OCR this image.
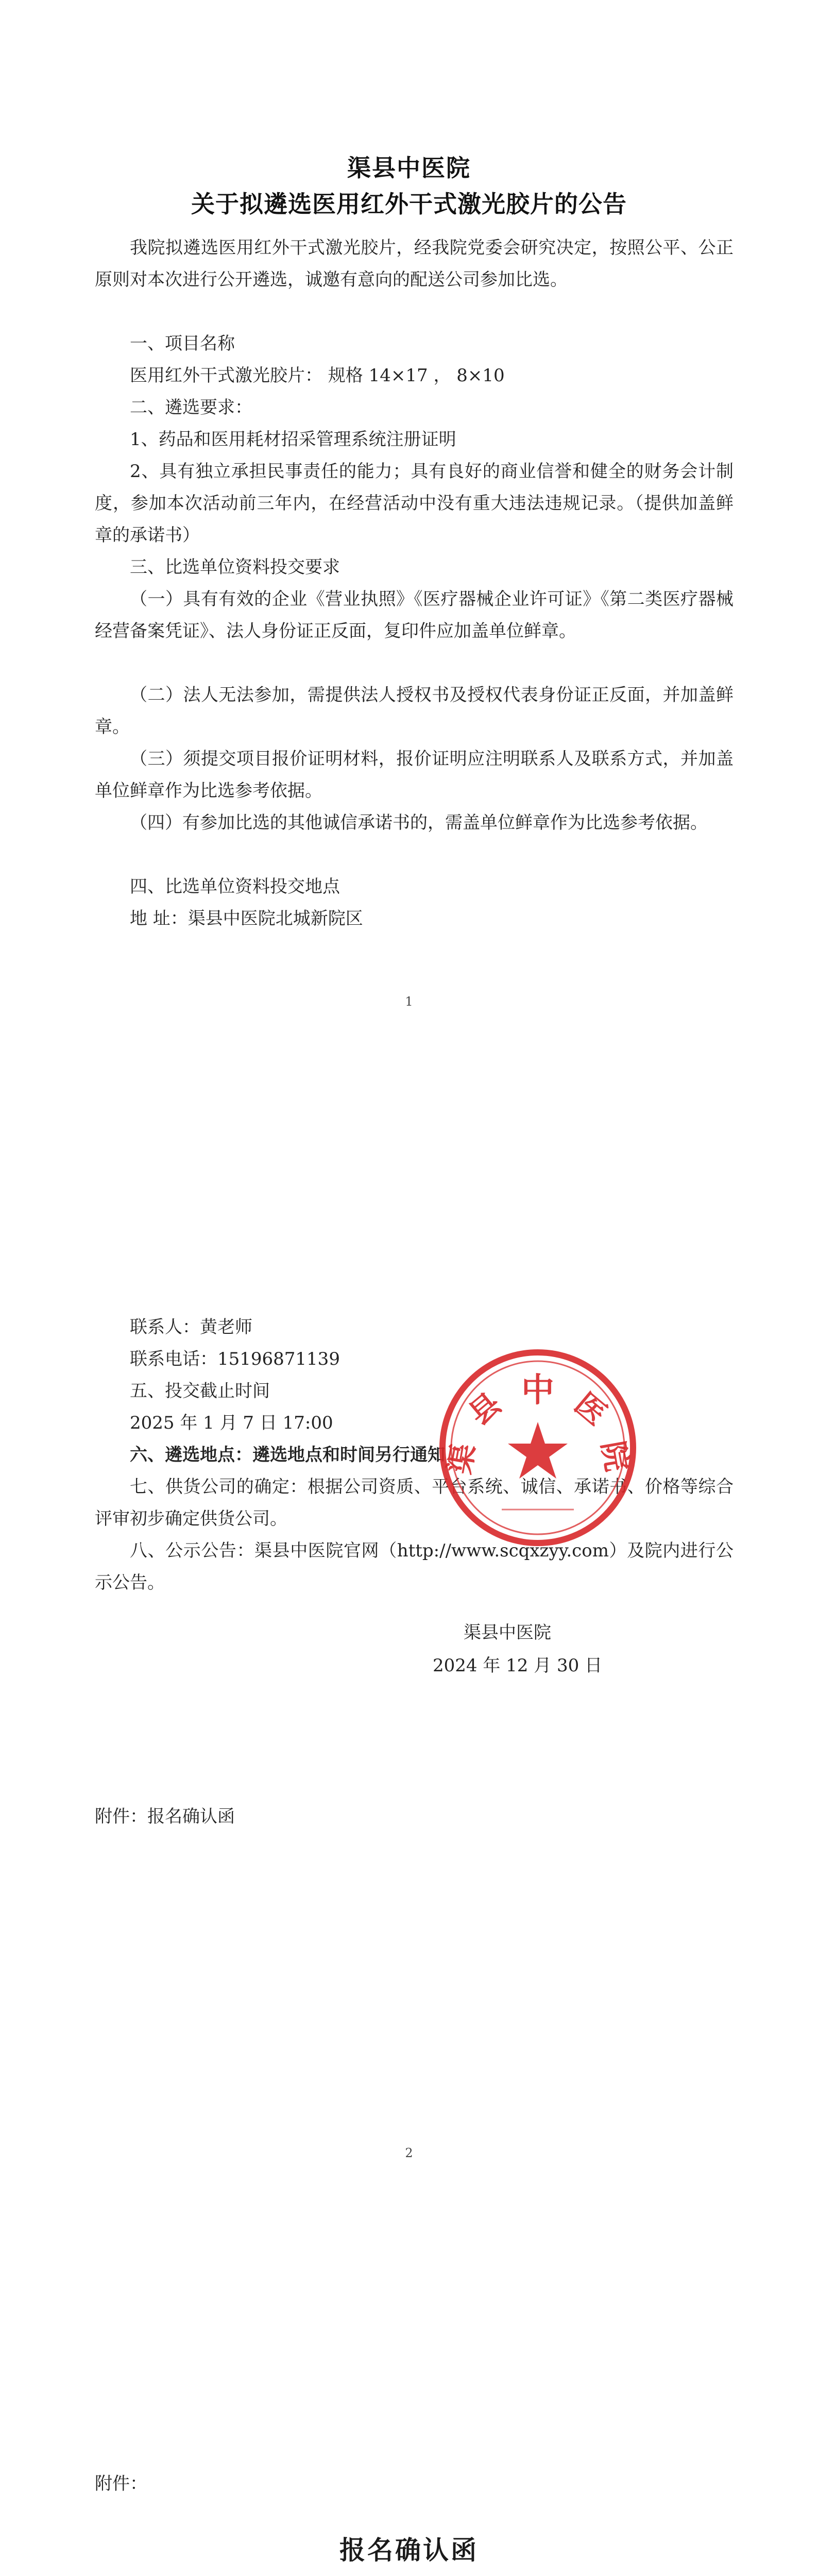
渠县中医院
关于拟遴选医用红外干式激光胶片的公告
我院拟遴选医用红外干式激光胶片，经我院党委会研究决定，按照公平、公正原则对本次进行公开遴选，诚邀有意向的配送公司参加比选。
一、项目名称
医用红外干式激光胶片： 规格 14×17 ， 8×10
二、遴选要求：
1、药品和医用耗材招采管理系统注册证明
2、具有独立承担民事责任的能力；具有良好的商业信誉和健全的财务会计制度，参加本次活动前三年内，在经营活动中没有重大违法违规记录。（提供加盖鲜章的承诺书）
三、比选单位资料投交要求
（一）具有有效的企业《营业执照》《医疗器械企业许可证》《第二类医疗器械经营备案凭证》、法人身份证正反面，复印件应加盖单位鲜章。
（二）法人无法参加，需提供法人授权书及授权代表身份证正反面，并加盖鲜章。
（三）须提交项目报价证明材料，报价证明应注明联系人及联系方式，并加盖单位鲜章作为比选参考依据。
（四）有参加比选的其他诚信承诺书的，需盖单位鲜章作为比选参考依据。
四、比选单位资料投交地点
地 址：渠县中医院北城新院区
1
联系人：黄老师
联系电话：15196871139
五、投交截止时间
2025 年 1 月 7 日 17:00
六、遴选地点：遴选地点和时间另行通知
七、供货公司的确定：根据公司资质、平台系统、诚信、承诺书、价格等综合评审初步确定供货公司。
八、公示公告：渠县中医院官网（http://www.scqxzyy.com）及院内进行公示公告。
渠县中医院
2024 年 12 月 30 日
附件：报名确认函
2
中 医
院
县
渠
附件：
报名确认函
